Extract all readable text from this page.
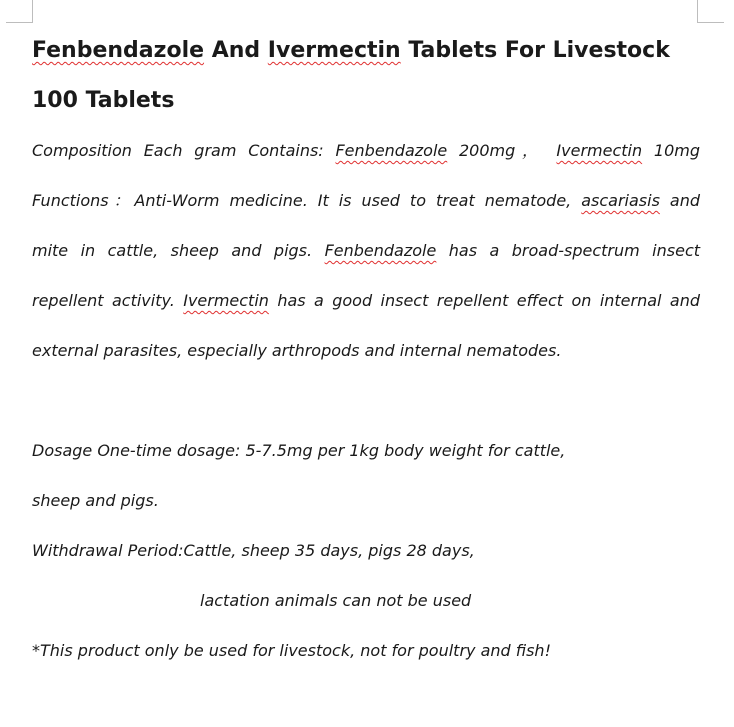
Fenbendazole And Ivermectin Tablets For Livestock
100 Tablets
Composition Each gram Contains: Fenbendazole 200mg， Ivermectin 10mg
Functions：Anti-Worm medicine. It is used to treat nematode, ascariasis and
mite in cattle, sheep and pigs. Fenbendazole has a broad-spectrum insect
repellent activity. Ivermectin has a good insect repellent effect on internal and
external parasites, especially arthropods and internal nematodes.
Dosage One-time dosage: 5-7.5mg per 1kg body weight for cattle,
sheep and pigs.
Withdrawal Period:Cattle, sheep 35 days, pigs 28 days,
lactation animals can not be used
*This product only be used for livestock, not for poultry and fish!
